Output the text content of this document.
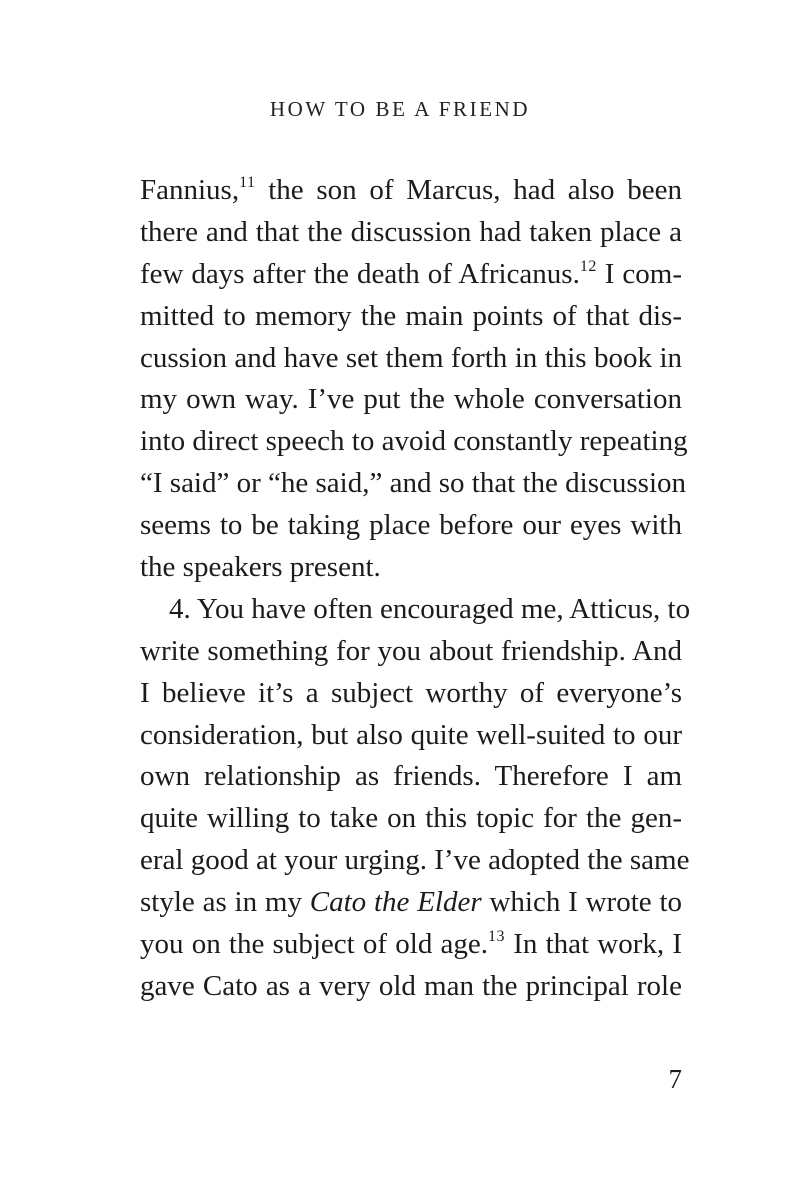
HOW TO BE A FRIEND
Fannius,$^{11}$ the son of Marcus, had also been
there and that the discussion had taken place a
few days after the death of Africanus.$^{12}$ I com-
mitted to memory the main points of that dis-
cussion and have set them forth in this book in
my own way. I’ve put the whole conversation
into direct speech to avoid constantly repeating
“I said” or “he said,” and so that the discussion
seems to be taking place before our eyes with
the speakers present.
4. You have often encouraged me, Atticus, to
write something for you about friendship. And
I believe it’s a subject worthy of everyone’s
consideration, but also quite well-suited to our
own relationship as friends. Therefore I am
quite willing to take on this topic for the gen-
eral good at your urging. I’ve adopted the same
style as in my Cato the Elder which I wrote to
you on the subject of old age.$^{13}$ In that work, I
gave Cato as a very old man the principal role
7
